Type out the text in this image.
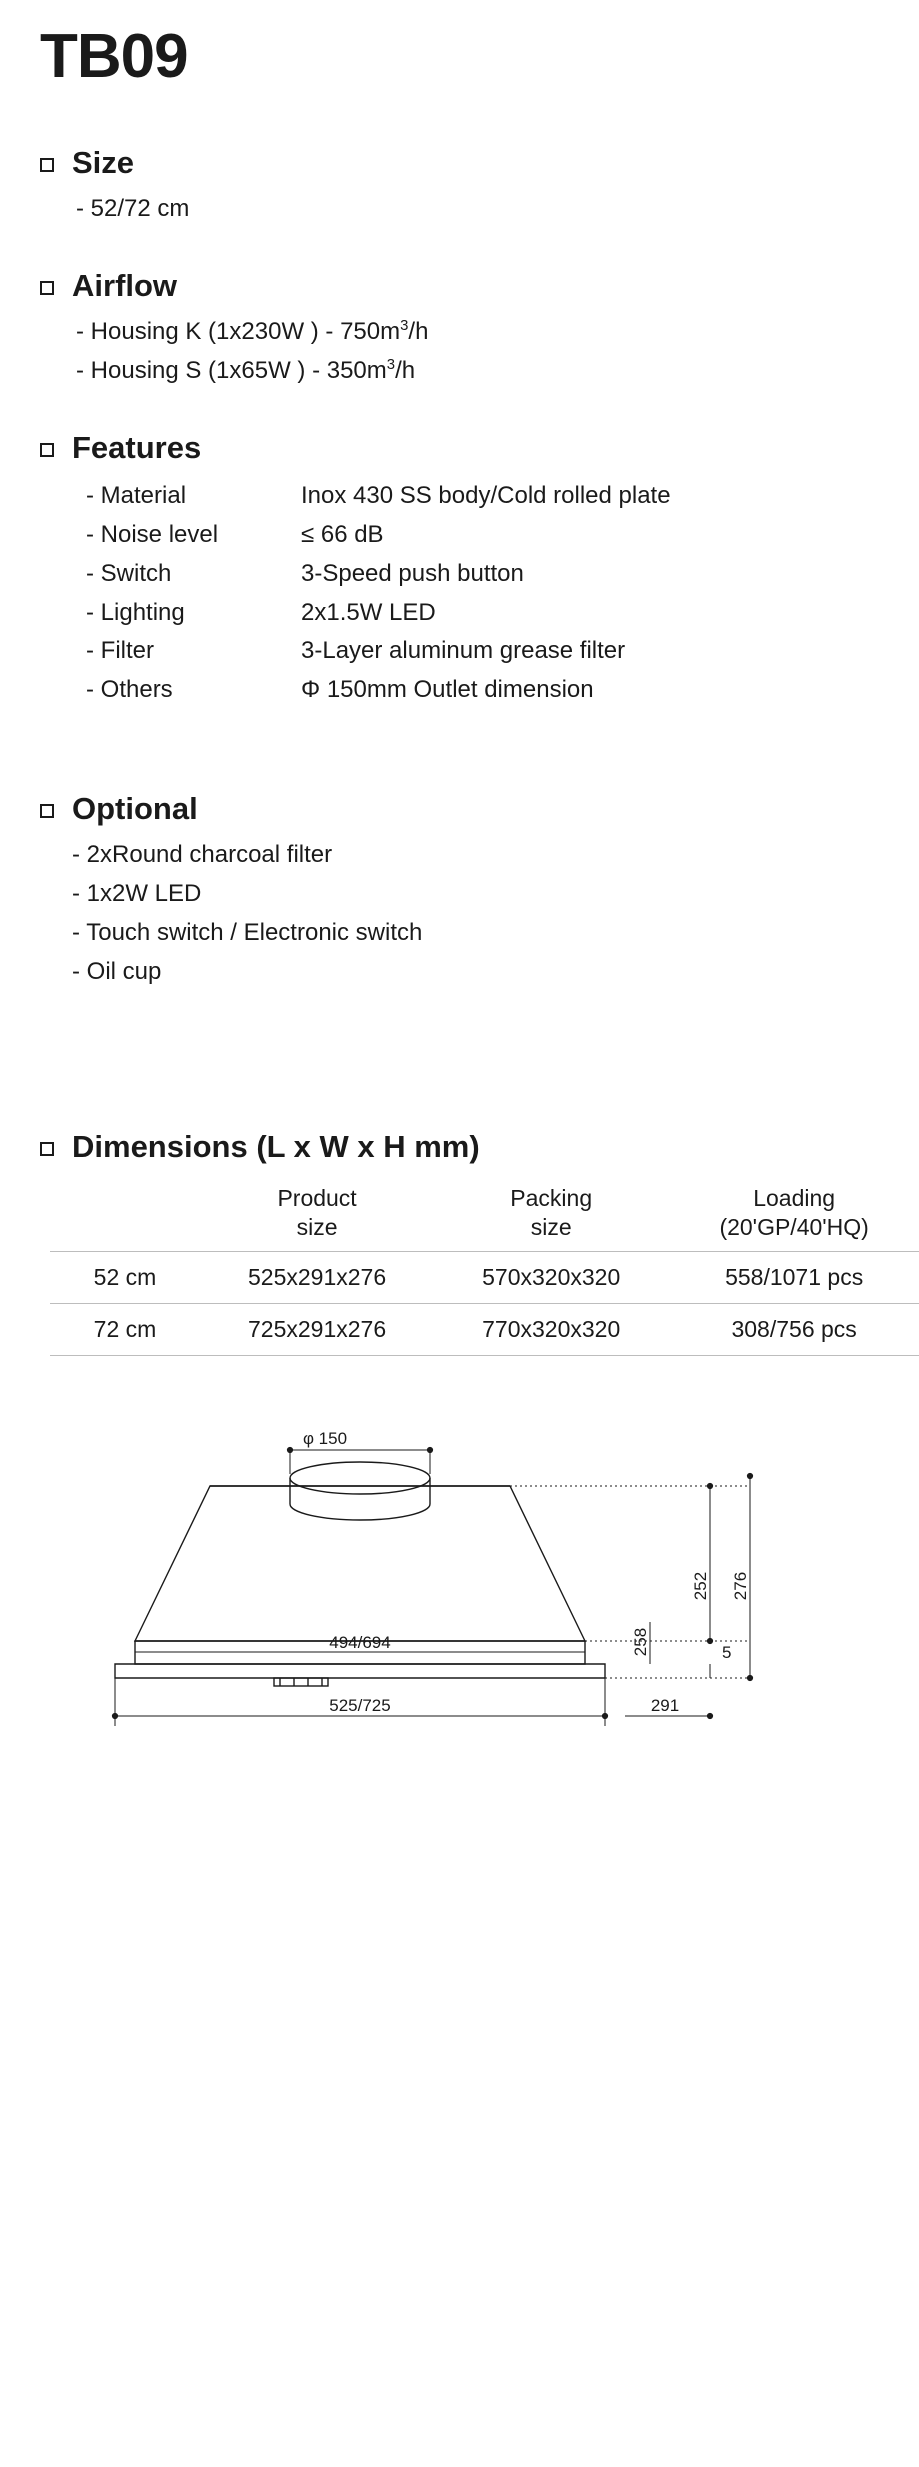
TB09
Size
- 52/72 cm
Airflow
- Housing K (1x230W ) - $750m^3/h$
- Housing S (1x65W ) - $350m^3/h$
Features
- Material	Inox 430 SS body/Cold rolled plate
- Noise level	≤ 66 dB
- Switch	3-Speed push button
- Lighting	2x1.5W LED
- Filter	3-Layer aluminum grease filter
- Others	Φ 150mm Outlet dimension
Optional
- 2xRound charcoal filter
- 1x2W LED
- Touch switch / Electronic switch
- Oil cup
Dimensions (L x W x H mm)

Product
size

Packing
size

Loading
(20'GP/40'HQ)

52 cm	525x291x276	570x320x320	558/1071 pcs
72 cm	725x291x276	770x320x320	308/756 pcs
φ 150
252 276
258	5
494/694
525/725	291
